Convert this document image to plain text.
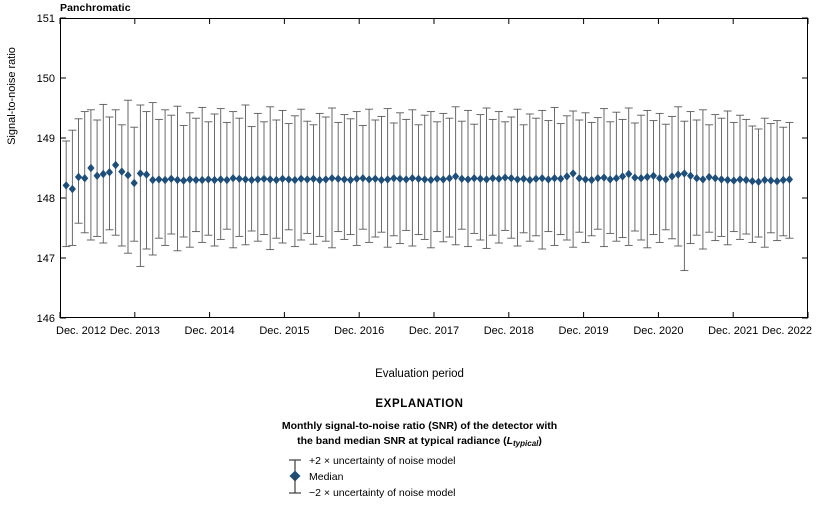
Panchromatic
Signal-to-noise ratio
146
147
148
149
150
151
Dec. 2012 Dec. 2013 Dec. 2014 Dec. 2015 Dec. 2016 Dec. 2017 Dec. 2018 Dec. 2019 Dec. 2020 Dec. 2021 Dec. 2022
Evaluation period
EXPLANATION
Monthly signal-to-noise ratio (SNR) of the detector with
the band median SNR at typical radiance (Ltypical)
+2 × uncertainty of noise model
Median
−2 × uncertainty of noise model
